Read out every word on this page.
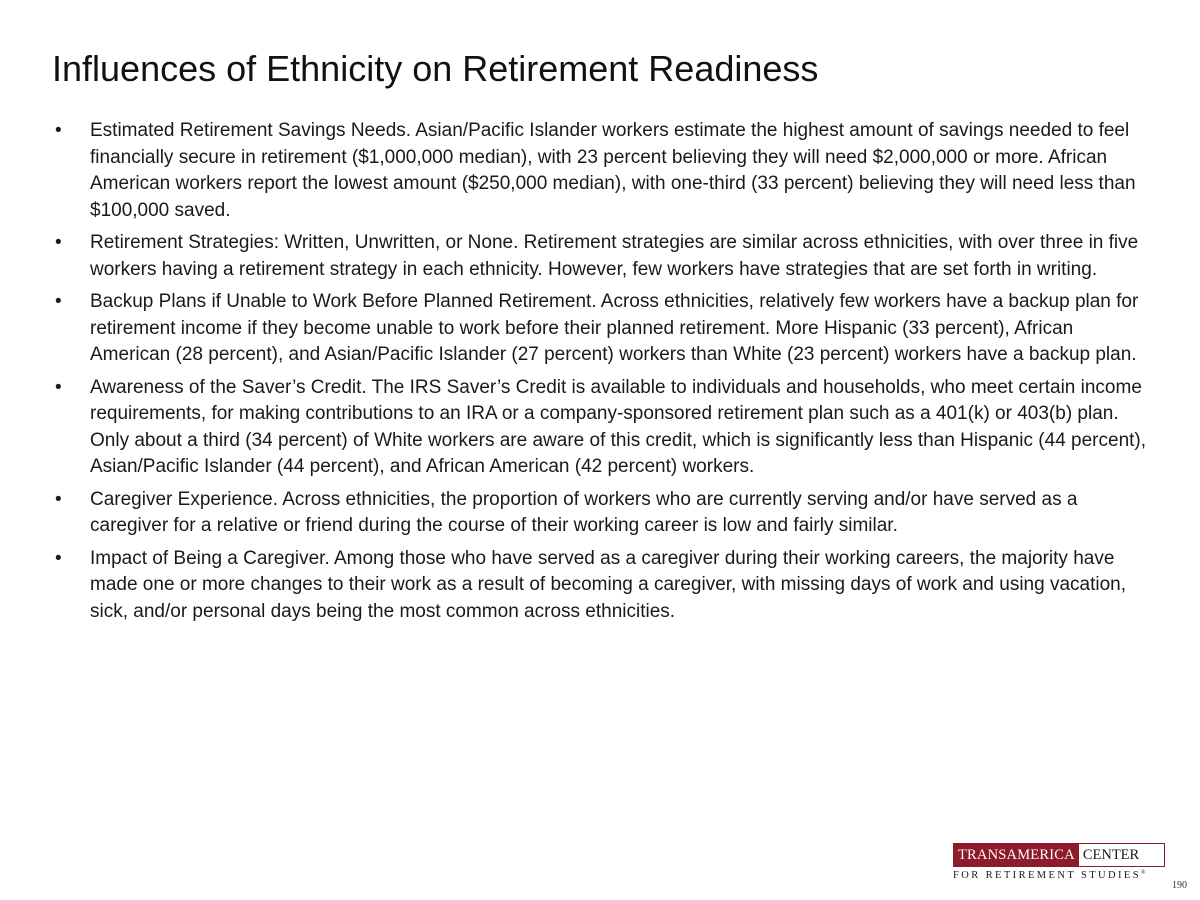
Influences of Ethnicity on Retirement Readiness
• Estimated Retirement Savings Needs. Asian/Pacific Islander workers estimate the highest amount of savings needed to feel financially secure in retirement ($1,000,000 median), with 23 percent believing they will need $2,000,000 or more. African American workers report the lowest amount ($250,000 median), with one-third (33 percent) believing they will need less than $100,000 saved.
• Retirement Strategies: Written, Unwritten, or None. Retirement strategies are similar across ethnicities, with over three in five workers having a retirement strategy in each ethnicity. However, few workers have strategies that are set forth in writing.
• Backup Plans if Unable to Work Before Planned Retirement. Across ethnicities, relatively few workers have a backup plan for retirement income if they become unable to work before their planned retirement. More Hispanic (33 percent), African American (28 percent), and Asian/Pacific Islander (27 percent) workers than White (23 percent) workers have a backup plan.
• Awareness of the Saver’s Credit. The IRS Saver’s Credit is available to individuals and households, who meet certain income requirements, for making contributions to an IRA or a company-sponsored retirement plan such as a 401(k) or 403(b) plan. Only about a third (34 percent) of White workers are aware of this credit, which is significantly less than Hispanic (44 percent), Asian/Pacific Islander (44 percent), and African American (42 percent) workers.
• Caregiver Experience. Across ethnicities, the proportion of workers who are currently serving and/or have served as a caregiver for a relative or friend during the course of their working career is low and fairly similar.
• Impact of Being a Caregiver. Among those who have served as a caregiver during their working careers, the majority have made one or more changes to their work as a result of becoming a caregiver, with missing days of work and using vacation, sick, and/or personal days being the most common across ethnicities.
TRANSAMERICA CENTER
FOR RETIREMENT STUDIES®
190
